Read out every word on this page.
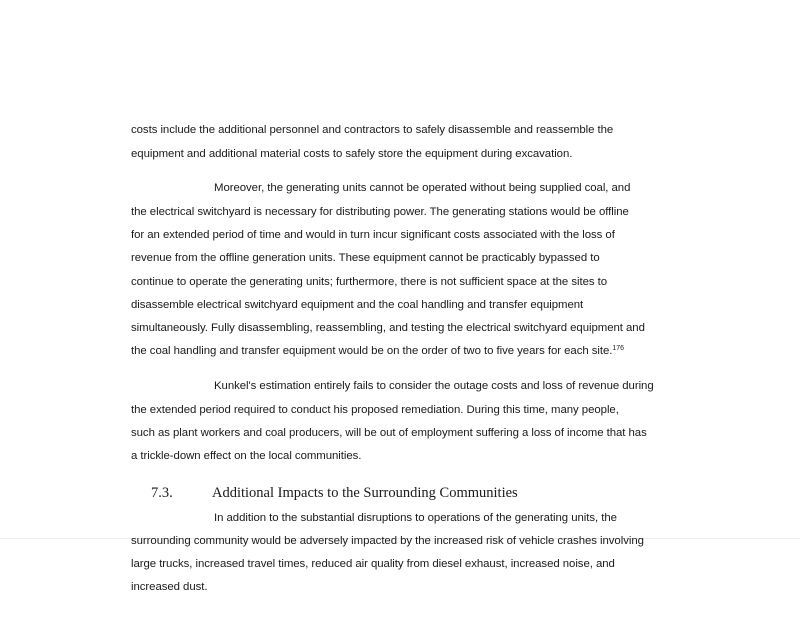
costs include the additional personnel and contractors to safely disassemble and reassemble the
equipment and additional material costs to safely store the equipment during excavation.
Moreover, the generating units cannot be operated without being supplied coal, and
the electrical switchyard is necessary for distributing power. The generating stations would be offline
for an extended period of time and would in turn incur significant costs associated with the loss of
revenue from the offline generation units. These equipment cannot be practicably bypassed to
continue to operate the generating units; furthermore, there is not sufficient space at the sites to
disassemble electrical switchyard equipment and the coal handling and transfer equipment
simultaneously. Fully disassembling, reassembling, and testing the electrical switchyard equipment and
the coal handling and transfer equipment would be on the order of two to five years for each site.$^{176}$
Kunkel's estimation entirely fails to consider the outage costs and loss of revenue during
the extended period required to conduct his proposed remediation. During this time, many people,
such as plant workers and coal producers, will be out of employment suffering a loss of income that has
a trickle-down effect on the local communities.
7.3.	Additional Impacts to the Surrounding Communities
In addition to the substantial disruptions to operations of the generating units, the
surrounding community would be adversely impacted by the increased risk of vehicle crashes involving
large trucks, increased travel times, reduced air quality from diesel exhaust, increased noise, and
increased dust.
